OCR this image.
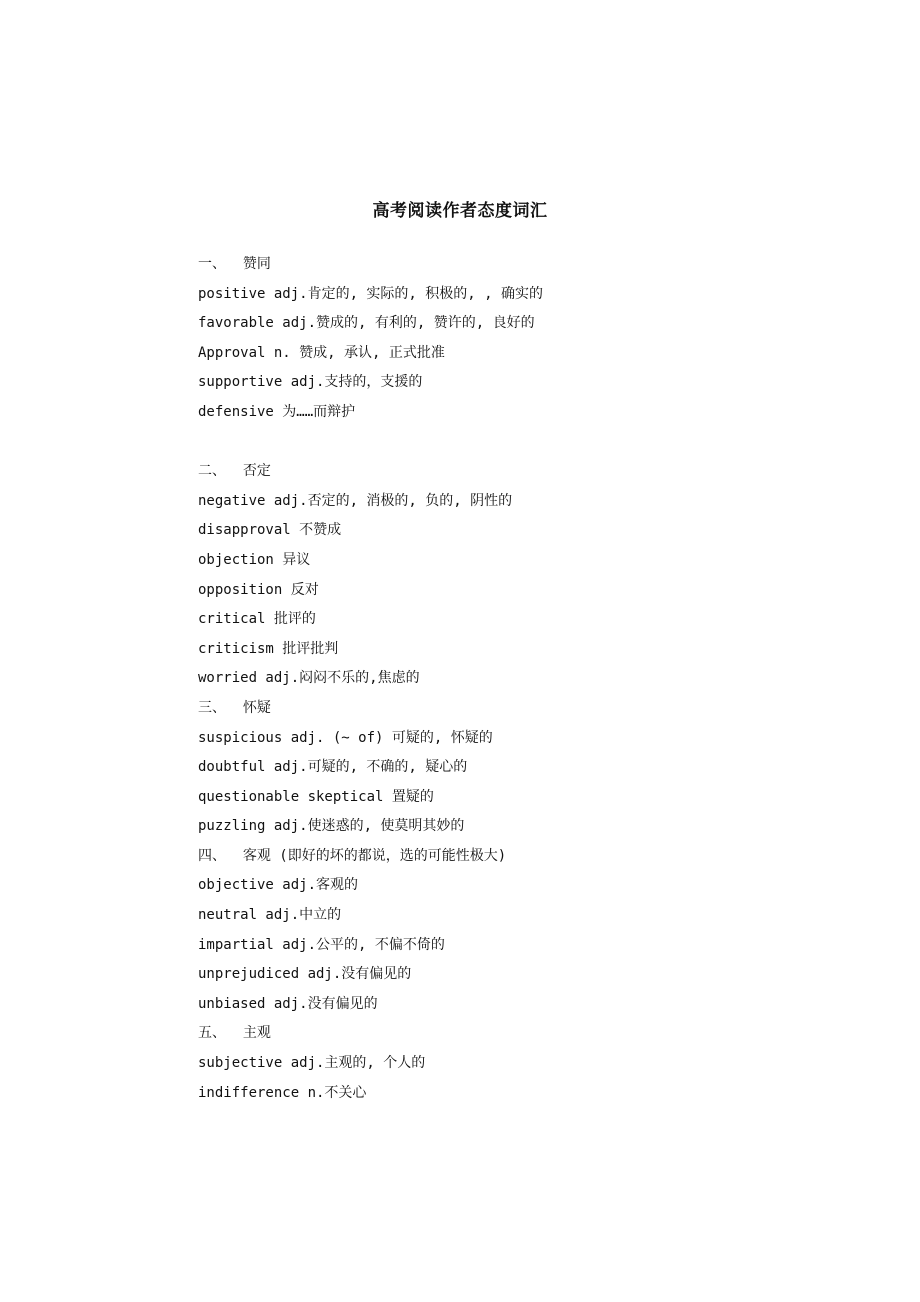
高考阅读作者态度词汇
一、  赞同
positive adj.肯定的, 实际的, 积极的, , 确实的
favorable adj.赞成的, 有利的, 赞许的, 良好的
Approval n. 赞成, 承认, 正式批准
supportive adj.支持的，支援的
defensive 为……而辩护
二、  否定
negative adj.否定的, 消极的, 负的, 阴性的
disapproval 不赞成
objection 异议
opposition 反对
critical 批评的
criticism 批评批判
worried adj.闷闷不乐的,焦虑的
三、  怀疑
suspicious adj. (~ of) 可疑的, 怀疑的
doubtful adj.可疑的, 不确的, 疑心的
questionable skeptical 置疑的
puzzling adj.使迷惑的, 使莫明其妙的
四、  客观 (即好的坏的都说，选的可能性极大)
objective adj.客观的
neutral adj.中立的
impartial adj.公平的, 不偏不倚的
unprejudiced adj.没有偏见的
unbiased adj.没有偏见的
五、  主观
subjective adj.主观的, 个人的
indifference n.不关心
